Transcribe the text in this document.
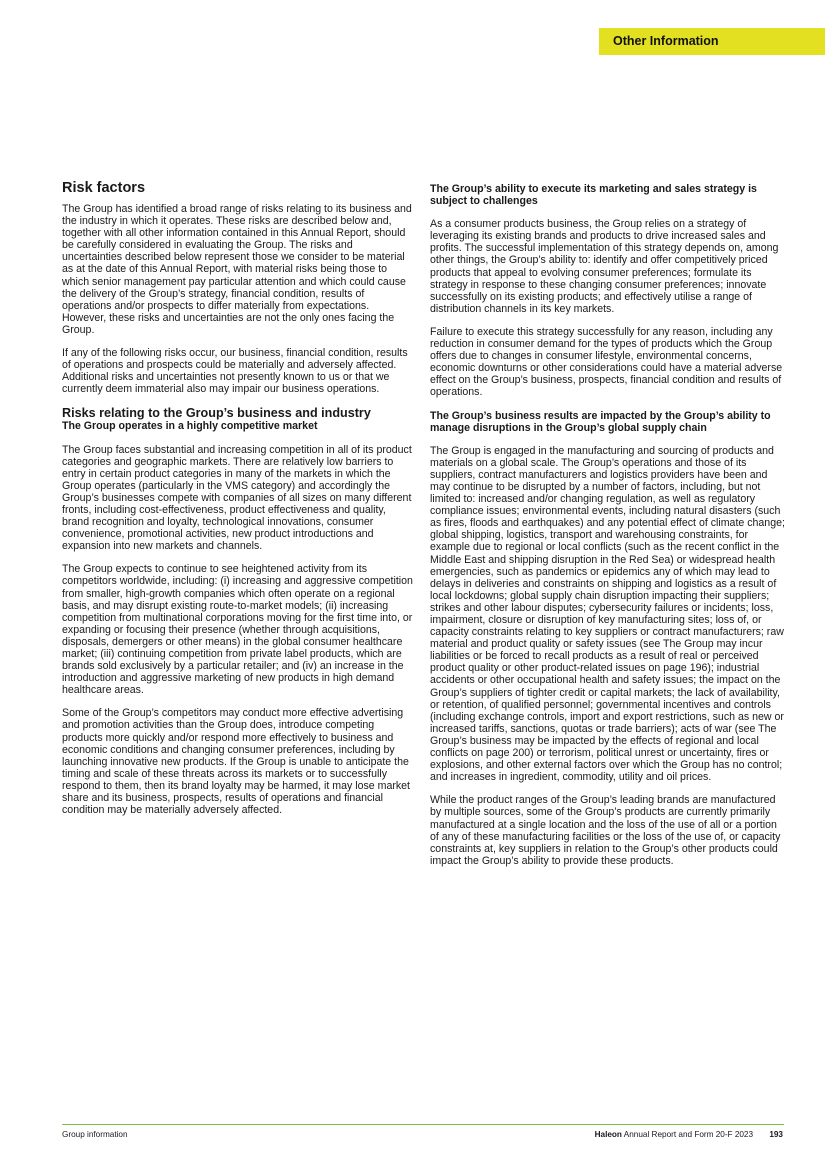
Other Information
Risk factors

The Group has identified a broad range of risks relating to its business and the industry in which it operates. These risks are described below and, together with all other information contained in this Annual Report, should be carefully considered in evaluating the Group. The risks and uncertainties described below represent those we consider to be material as at the date of this Annual Report, with material risks being those to which senior management pay particular attention and which could cause the delivery of the Group’s strategy, financial condition, results of operations and/or prospects to differ materially from expectations. However, these risks and uncertainties are not the only ones facing the Group.

If any of the following risks occur, our business, financial condition, results of operations and prospects could be materially and adversely affected. Additional risks and uncertainties not presently known to us or that we currently deem immaterial also may impair our business operations.

Risks relating to the Group’s business and industry

The Group operates in a highly competitive market

The Group faces substantial and increasing competition in all of its product categories and geographic markets. There are relatively low barriers to entry in certain product categories in many of the markets in which the Group operates (particularly in the VMS category) and accordingly the Group’s businesses compete with companies of all sizes on many different fronts, including cost-effectiveness, product effectiveness and quality, brand recognition and loyalty, technological innovations, consumer convenience, promotional activities, new product introductions and expansion into new markets and channels.

The Group expects to continue to see heightened activity from its competitors worldwide, including: (i) increasing and aggressive competition from smaller, high-growth companies which often operate on a regional basis, and may disrupt existing route-to-market models; (ii) increasing competition from multinational corporations moving for the first time into, or expanding or focusing their presence (whether through acquisitions, disposals, demergers or other means) in the global consumer healthcare market; (iii) continuing competition from private label products, which are brands sold exclusively by a particular retailer; and (iv) an increase in the introduction and aggressive marketing of new products in high demand healthcare areas.

Some of the Group’s competitors may conduct more effective advertising and promotion activities than the Group does, introduce competing products more quickly and/or respond more effectively to business and economic conditions and changing consumer preferences, including by launching innovative new products. If the Group is unable to anticipate the timing and scale of these threats across its markets or to successfully respond to them, then its brand loyalty may be harmed, it may lose market share and its business, prospects, results of operations and financial condition may be materially adversely affected.

The Group’s ability to execute its marketing and sales strategy is subject to challenges

As a consumer products business, the Group relies on a strategy of leveraging its existing brands and products to drive increased sales and profits. The successful implementation of this strategy depends on, among other things, the Group’s ability to: identify and offer competitively priced products that appeal to evolving consumer preferences; formulate its strategy in response to these changing consumer preferences; innovate successfully on its existing products; and effectively utilise a range of distribution channels in its key markets.

Failure to execute this strategy successfully for any reason, including any reduction in consumer demand for the types of products which the Group offers due to changes in consumer lifestyle, environmental concerns, economic downturns or other considerations could have a material adverse effect on the Group’s business, prospects, financial condition and results of operations.

The Group’s business results are impacted by the Group’s ability to manage disruptions in the Group’s global supply chain

The Group is engaged in the manufacturing and sourcing of products and materials on a global scale. The Group’s operations and those of its suppliers, contract manufacturers and logistics providers have been and may continue to be disrupted by a number of factors, including, but not limited to: increased and/or changing regulation, as well as regulatory compliance issues; environmental events, including natural disasters (such as fires, floods and earthquakes) and any potential effect of climate change; global shipping, logistics, transport and warehousing constraints, for example due to regional or local conflicts (such as the recent conflict in the Middle East and shipping disruption in the Red Sea) or widespread health emergencies, such as pandemics or epidemics any of which may lead to delays in deliveries and constraints on shipping and logistics as a result of local lockdowns; global supply chain disruption impacting their suppliers; strikes and other labour disputes; cybersecurity failures or incidents; loss, impairment, closure or disruption of key manufacturing sites; loss of, or capacity constraints relating to key suppliers or contract manufacturers; raw material and product quality or safety issues (see The Group may incur liabilities or be forced to recall products as a result of real or perceived product quality or other product-related issues on page 196); industrial accidents or other occupational health and safety issues; the impact on the Group’s suppliers of tighter credit or capital markets; the lack of availability, or retention, of qualified personnel; governmental incentives and controls (including exchange controls, import and export restrictions, such as new or increased tariffs, sanctions, quotas or trade barriers); acts of war (see The Group’s business may be impacted by the effects of regional and local conflicts on page 200) or terrorism, political unrest or uncertainty, fires or explosions, and other external factors over which the Group has no control; and increases in ingredient, commodity, utility and oil prices.

While the product ranges of the Group’s leading brands are manufactured by multiple sources, some of the Group’s products are currently primarily manufactured at a single location and the loss of the use of all or a portion of any of these manufacturing facilities or the loss of the use of, or capacity constraints at, key suppliers in relation to the Group’s other products could impact the Group’s ability to provide these products.

Group information	Haleon Annual Report and Form 20-F 2023 193
